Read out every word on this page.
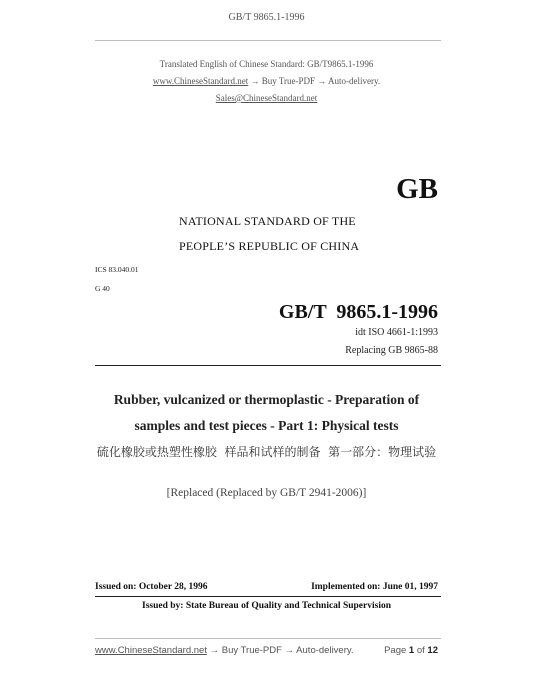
GB/T 9865.1-1996
Translated English of Chinese Standard: GB/T9865.1-1996
www.ChineseStandard.net → Buy True-PDF → Auto-delivery.
Sales@ChineseStandard.net
GB
NATIONAL STANDARD OF THE
PEOPLE’S REPUBLIC OF CHINA
ICS 83.040.01
G 40
GB/T  9865.1-1996
idt ISO 4661-1:1993
Replacing GB 9865-88
Rubber, vulcanized or thermoplastic - Preparation of
samples and test pieces - Part 1: Physical tests
硫化橡胶或热塑性橡胶  样品和试样的制备  第一部分：物理试验
[Replaced (Replaced by GB/T 2941-2006)]
Issued on: October 28, 1996	Implemented on: June 01, 1997
Issued by: State Bureau of Quality and Technical Supervision
www.ChineseStandard.net → Buy True-PDF → Auto-delivery.	Page 1 of 12
